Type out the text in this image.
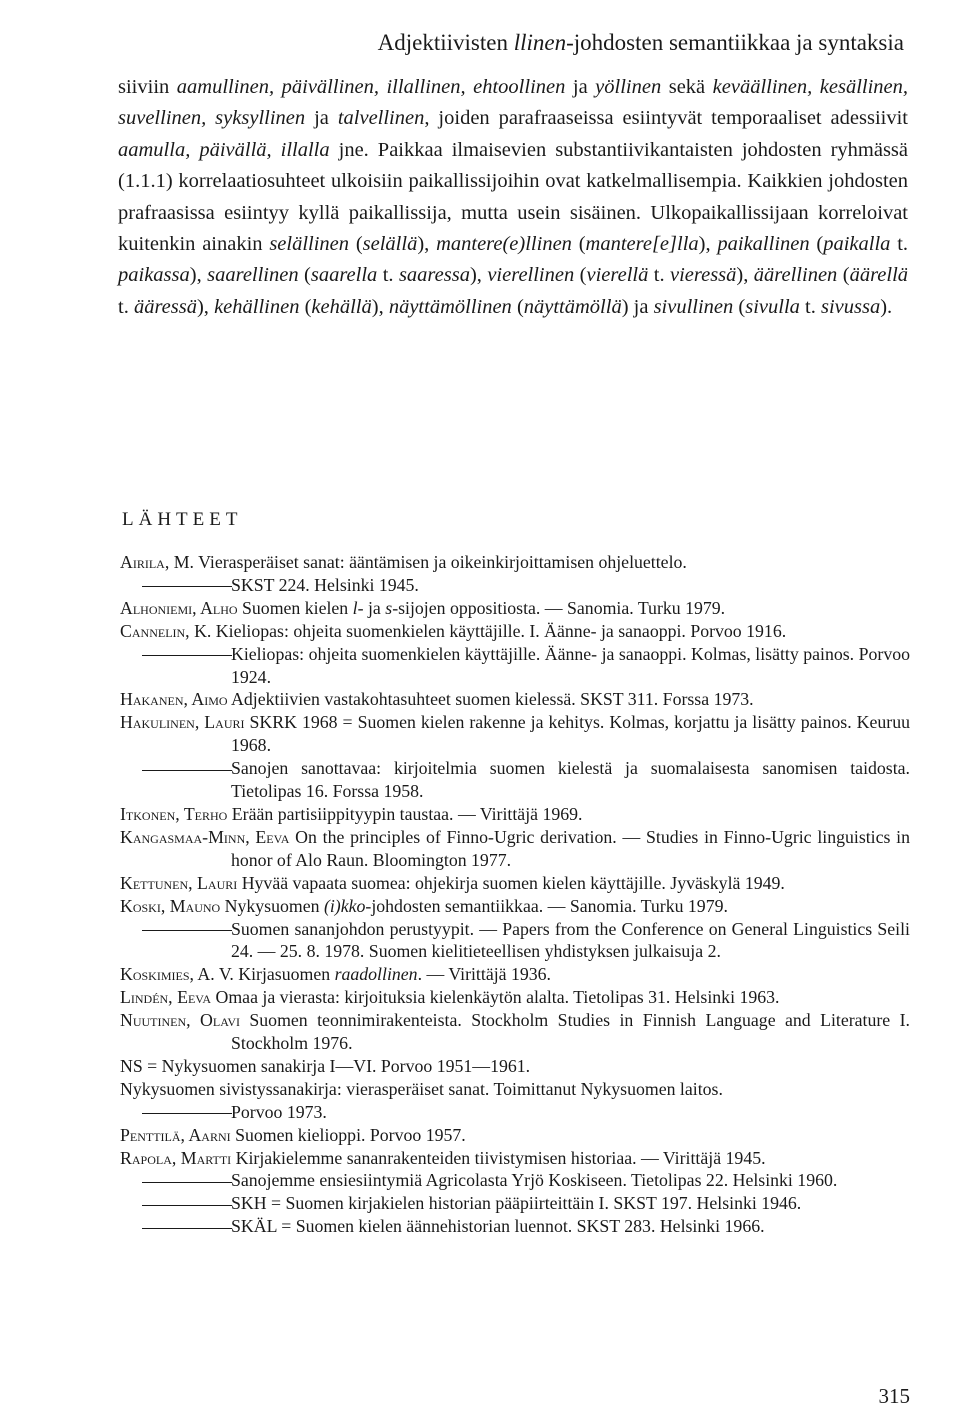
Adjektiivisten llinen-johdosten semantiikkaa ja syntaksia
siiviin aamullinen, päivällinen, illallinen, ehtoollinen ja yöllinen sekä keväällinen, kesällinen, suvellinen, syksyllinen ja talvellinen, joiden parafraaseissa esiintyvät temporaaliset adessiivit aamulla, päivällä, illalla jne. Paikkaa ilmaisevien substantiivikantaisten johdosten ryhmässä (1.1.1) korrelaatiosuhteet ulkoisiin paikallissijoihin ovat katkelmallisempia. Kaikkien johdosten prafraasissa esiintyy kyllä paikallissija, mutta usein sisäinen. Ulkopaikallissijaan korreloivat kuitenkin ainakin selällinen (selällä), mantere(e)llinen (mantere[e]lla), paikallinen (paikalla t. paikassa), saarellinen (saarella t. saaressa), vierellinen (vierellä t. vieressä), äärellinen (äärellä t. ääressä), kehällinen (kehällä), näyttämöllinen (näyttämöllä) ja sivullinen (sivulla t. sivussa).
LÄHTEET
Airila, M. Vierasperäiset sanat: ääntämisen ja oikeinkirjoittamisen ohjeluettelo.
SKST 224. Helsinki 1945.
Alhoniemi, Alho Suomen kielen l- ja s-sijojen oppositiosta. — Sanomia. Turku 1979.
Cannelin, K. Kieliopas: ohjeita suomenkielen käyttäjille. I. Äänne- ja sanaoppi. Porvoo 1916.
Kieliopas: ohjeita suomenkielen käyttäjille. Äänne- ja sanaoppi. Kolmas, lisätty painos. Porvoo 1924.
Hakanen, Aimo Adjektiivien vastakohtasuhteet suomen kielessä. SKST 311. Forssa 1973.
Hakulinen, Lauri SKRK 1968 = Suomen kielen rakenne ja kehitys. Kolmas, korjattu ja lisätty painos. Keuruu 1968.
Sanojen sanottavaa: kirjoitelmia suomen kielestä ja suomalaisesta sanomisen taidosta. Tietolipas 16. Forssa 1958.
Itkonen, Terho Erään partisiippityypin taustaa. — Virittäjä 1969.
Kangasmaa-Minn, Eeva On the principles of Finno-Ugric derivation. — Studies in Finno-Ugric linguistics in honor of Alo Raun. Bloomington 1977.
Kettunen, Lauri Hyvää vapaata suomea: ohjekirja suomen kielen käyttäjille. Jyväskylä 1949.
Koski, Mauno Nykysuomen (i)kko-johdosten semantiikkaa. — Sanomia. Turku 1979.
Suomen sananjohdon perustyypit. — Papers from the Conference on General Linguistics Seili 24. — 25. 8. 1978. Suomen kielitieteellisen yhdistyksen julkaisuja 2.
Koskimies, A. V. Kirjasuomen raadollinen. — Virittäjä 1936.
Lindén, Eeva Omaa ja vierasta: kirjoituksia kielenkäytön alalta. Tietolipas 31. Helsinki 1963.
Nuutinen, Olavi Suomen teonnimirakenteista. Stockholm Studies in Finnish Language and Literature I. Stockholm 1976.
NS = Nykysuomen sanakirja I—VI. Porvoo 1951—1961.
Nykysuomen sivistyssanakirja: vierasperäiset sanat. Toimittanut Nykysuomen laitos.
Porvoo 1973.
Penttilä, Aarni Suomen kielioppi. Porvoo 1957.
Rapola, Martti Kirjakielemme sananrakenteiden tiivistymisen historiaa. — Virittäjä 1945.
Sanojemme ensiesiintymiä Agricolasta Yrjö Koskiseen. Tietolipas 22. Helsinki 1960.
SKH = Suomen kirjakielen historian pääpiirteittäin I. SKST 197. Helsinki 1946.
SKÄL = Suomen kielen äännehistorian luennot. SKST 283. Helsinki 1966.
315
